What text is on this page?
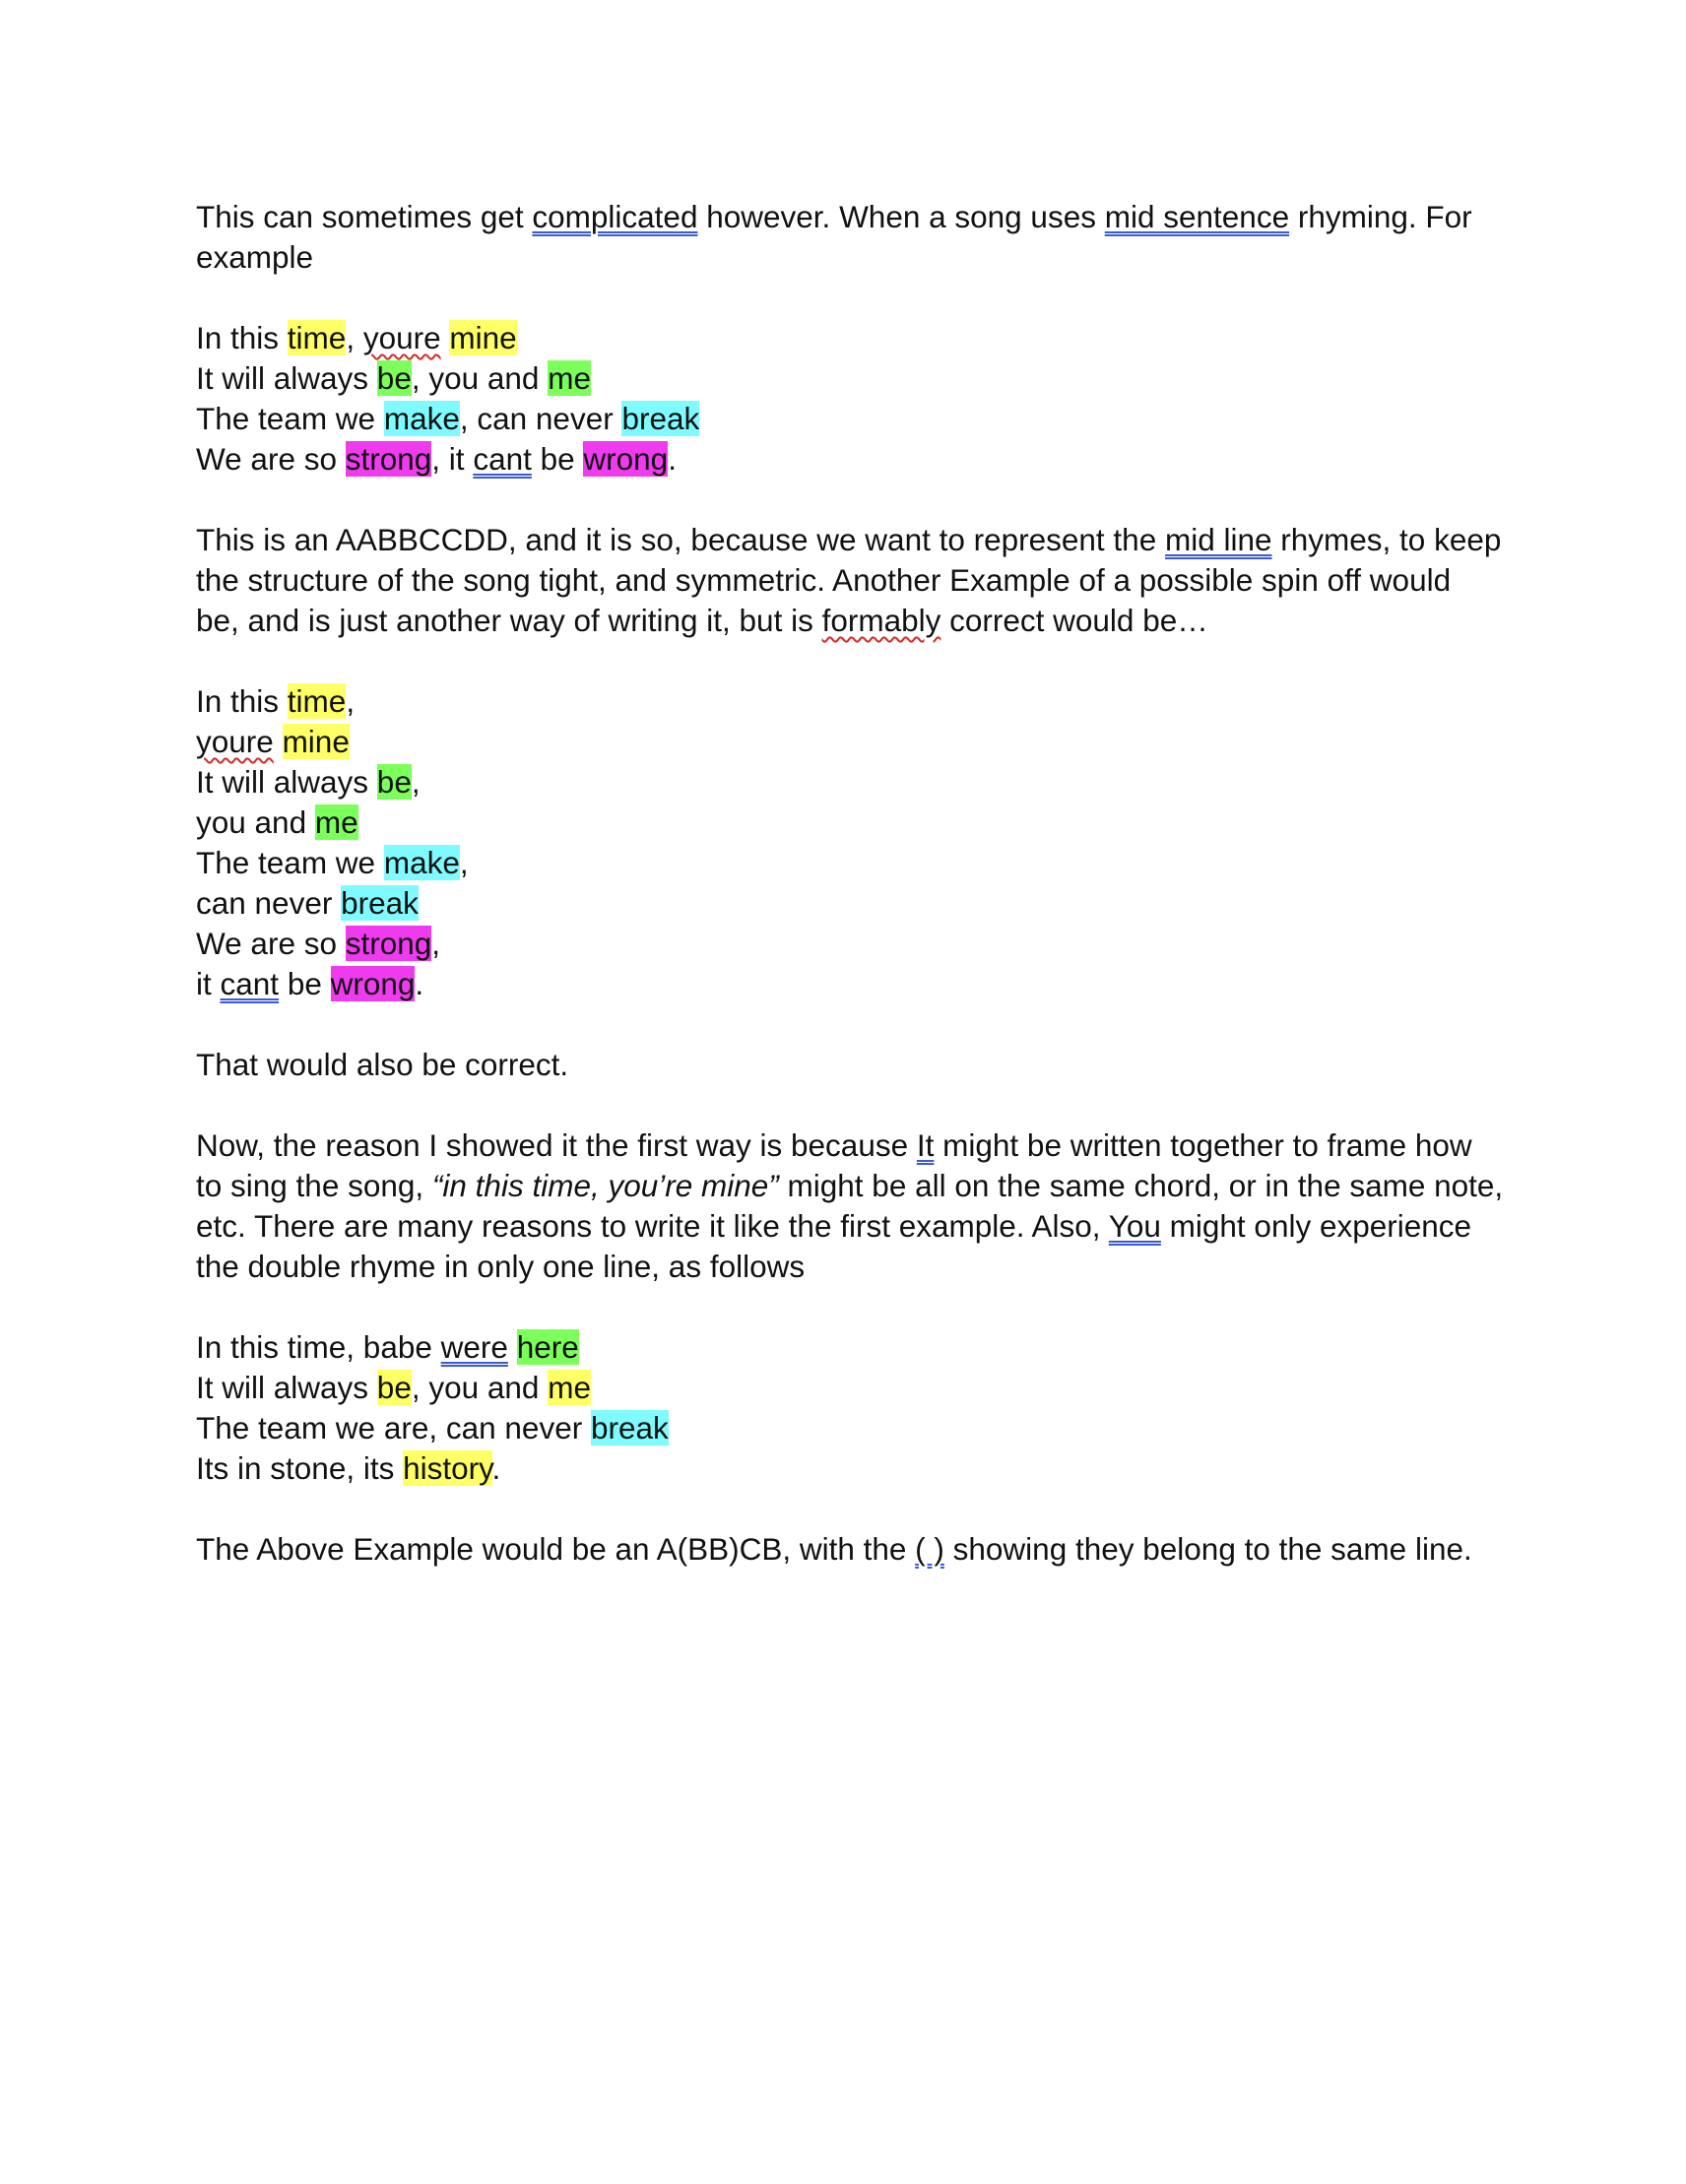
This can sometimes get complicated however. When a song uses mid sentence rhyming. For
example
In this time, youre mine
It will always be, you and me
The team we make, can never break
We are so strong, it cant be wrong.
This is an AABBCCDD, and it is so, because we want to represent the mid line rhymes, to keep
the structure of the song tight, and symmetric. Another Example of a possible spin off would
be, and is just another way of writing it, but is formably correct would be…
In this time,
youre mine
It will always be,
you and me
The team we make,
can never break
We are so strong,
it cant be wrong.
That would also be correct.
Now, the reason I showed it the first way is because It might be written together to frame how
to sing the song, “in this time, you’re mine” might be all on the same chord, or in the same note,
etc. There are many reasons to write it like the first example. Also, You might only experience
the double rhyme in only one line, as follows
In this time, babe were here
It will always be, you and me
The team we are, can never break
Its in stone, its history.
The Above Example would be an A(BB)CB, with the ( ) showing they belong to the same line.
